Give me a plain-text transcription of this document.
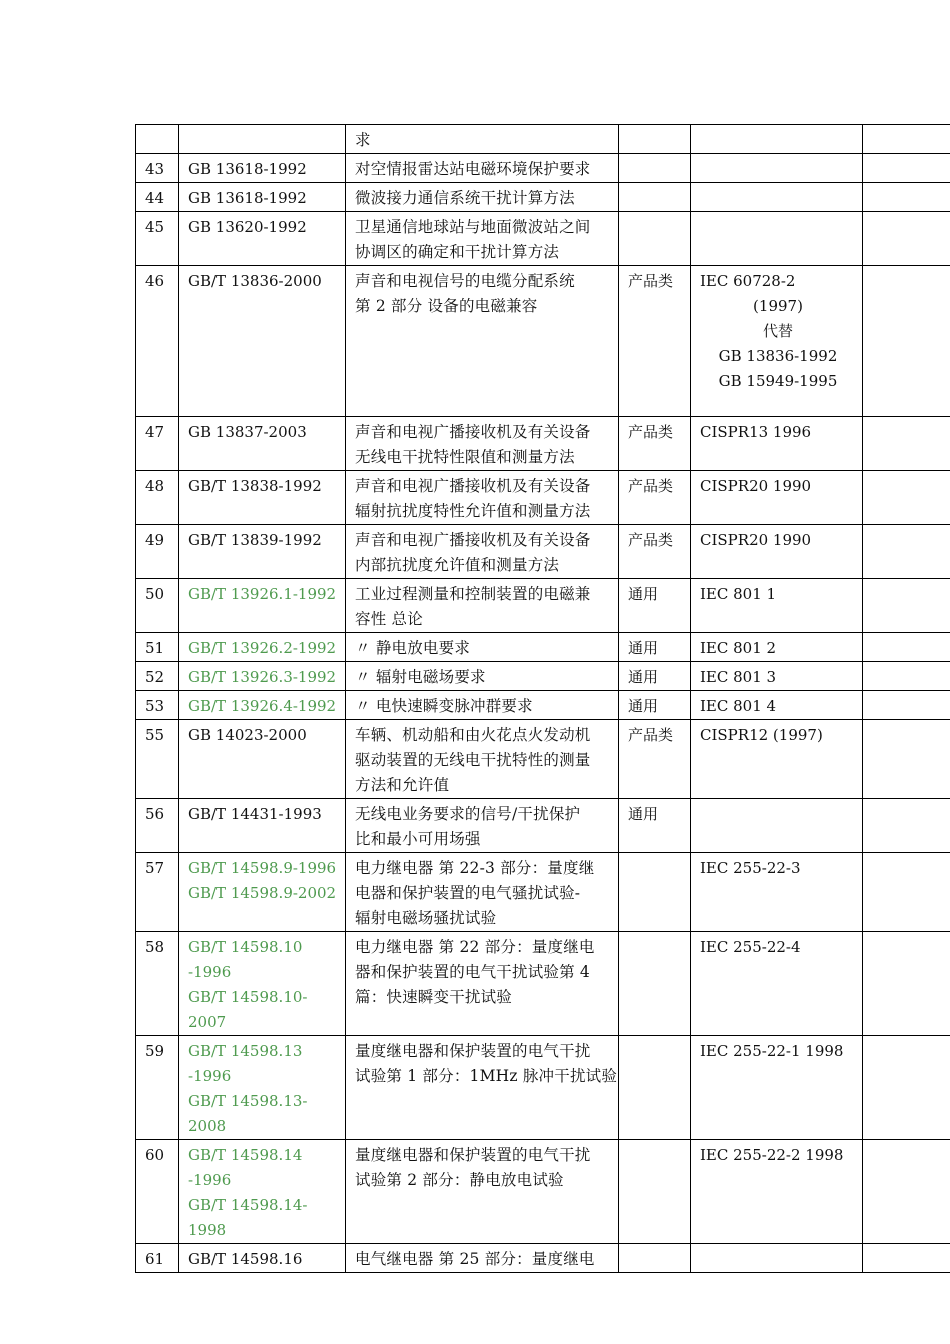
		求			

43	GB 13618-1992	对空情报雷达站电磁环境保护要求			

44	GB 13618-1992	微波接力通信系统干扰计算方法			

45	GB 13620-1992	卫星通信地球站与地面微波站之间
协调区的确定和干扰计算方法			

46	GB/T 13836-2000	声音和电视信号的电缆分配系统
第 2 部分 设备的电磁兼容	产品类	IEC 60728-2
(1997)
代替
GB 13836-1992
GB 15949-1995	

47	GB 13837-2003	声音和电视广播接收机及有关设备
无线电干扰特性限值和测量方法	产品类	CISPR13 1996	

48	GB/T 13838-1992	声音和电视广播接收机及有关设备
辐射抗扰度特性允许值和测量方法	产品类	CISPR20 1990	

49	GB/T 13839-1992	声音和电视广播接收机及有关设备
内部抗扰度允许值和测量方法	产品类	CISPR20 1990	

50	GB/T 13926.1-1992	工业过程测量和控制装置的电磁兼
容性 总论	通用	IEC 801 1	

51	GB/T 13926.2-1992	〃 静电放电要求	通用	IEC 801 2	

52	GB/T 13926.3-1992	〃 辐射电磁场要求	通用	IEC 801 3	

53	GB/T 13926.4-1992	〃 电快速瞬变脉冲群要求	通用	IEC 801 4	

55	GB 14023-2000	车辆、机动船和由火花点火发动机
驱动装置的无线电干扰特性的测量
方法和允许值	产品类	CISPR12 (1997)	

56	GB/T 14431-1993	无线电业务要求的信号/干扰保护
比和最小可用场强	通用		
57	GB/T 14598.9-1996
GB/T 14598.9-2002	电力继电器 第 22-3 部分：量度继
电器和保护装置的电气骚扰试验-
辐射电磁场骚扰试验		IEC 255-22-3	

58	GB/T 14598.10
-1996
GB/T 14598.10-
2007	电力继电器 第 22 部分：量度继电
器和保护装置的电气干扰试验第 4
篇：快速瞬变干扰试验		IEC 255-22-4	

59	GB/T 14598.13
-1996
GB/T 14598.13-
2008	量度继电器和保护装置的电气干扰
试验第 1 部分：1MHz 脉冲干扰试验		IEC 255-22-1 1998	

60	GB/T 14598.14
-1996
GB/T 14598.14-
1998	量度继电器和保护装置的电气干扰
试验第 2 部分：静电放电试验		IEC 255-22-2 1998	

61	GB/T 14598.16	电气继电器 第 25 部分：量度继电			
